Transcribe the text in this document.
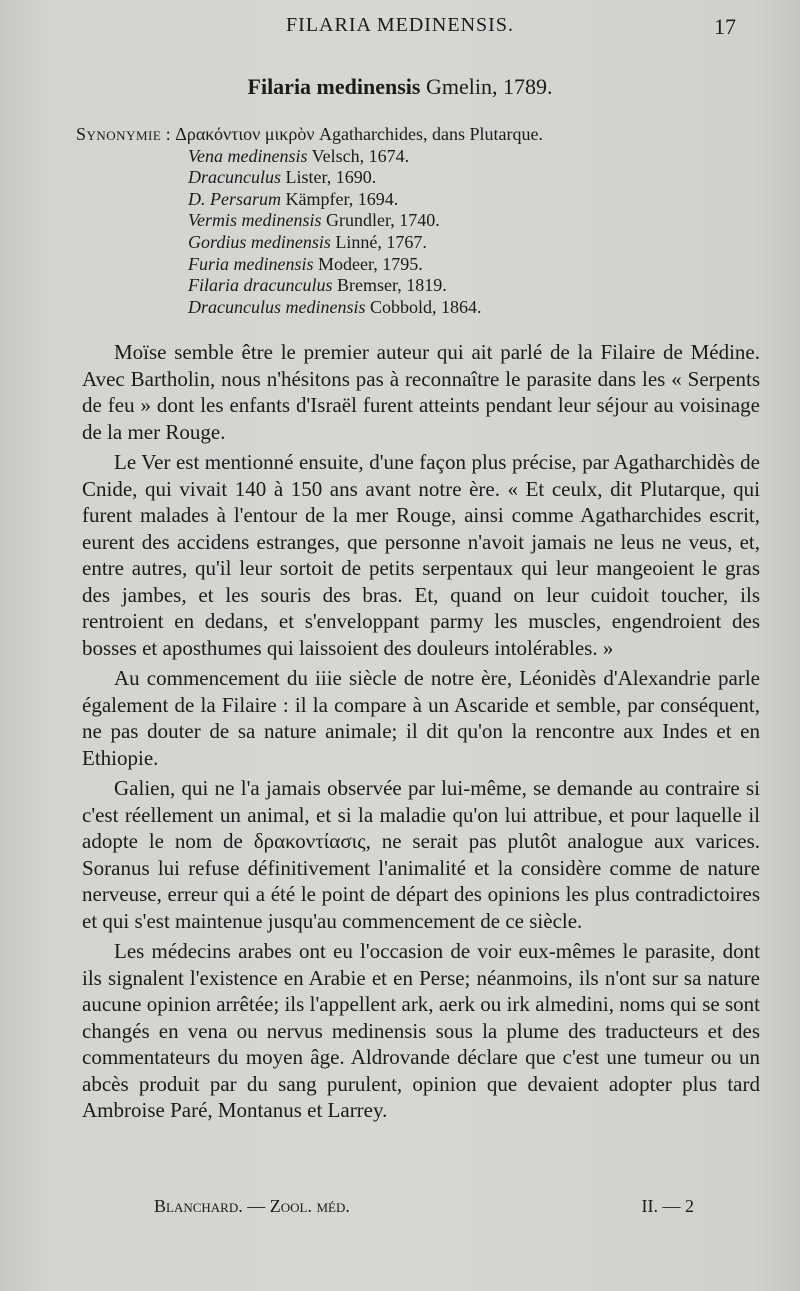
FILARIA MEDINENSIS.	17
Filaria medinensis Gmelin, 1789.
Synonymie : Δρακόντιον μικρὸν Agatharchides, dans Plutarque.
Vena medinensis Velsch, 1674.
Dracunculus Lister, 1690.
D. Persarum Kämpfer, 1694.
Vermis medinensis Grundler, 1740.
Gordius medinensis Linné, 1767.
Furia medinensis Modeer, 1795.
Filaria dracunculus Bremser, 1819.
Dracunculus medinensis Cobbold, 1864.

Moïse semble être le premier auteur qui ait parlé de la Filaire de Médine. Avec Bartholin, nous n'hésitons pas à reconnaître le parasite dans les « Serpents de feu » dont les enfants d'Israël furent atteints pendant leur séjour au voisinage de la mer Rouge.

Le Ver est mentionné ensuite, d'une façon plus précise, par Agatharchidès de Cnide, qui vivait 140 à 150 ans avant notre ère. « Et ceulx, dit Plutarque, qui furent malades à l'entour de la mer Rouge, ainsi comme Agatharchides escrit, eurent des accidens estranges, que personne n'avoit jamais ne leus ne veus, et, entre autres, qu'il leur sortoit de petits serpentaux qui leur mangeoient le gras des jambes, et les souris des bras. Et, quand on leur cuidoit toucher, ils rentroient en dedans, et s'enveloppant parmy les muscles, engendroient des bosses et aposthumes qui laissoient des douleurs intolérables. »

Au commencement du iiie siècle de notre ère, Léonidès d'Alexandrie parle également de la Filaire : il la compare à un Ascaride et semble, par conséquent, ne pas douter de sa nature animale; il dit qu'on la rencontre aux Indes et en Ethiopie.

Galien, qui ne l'a jamais observée par lui-même, se demande au contraire si c'est réellement un animal, et si la maladie qu'on lui attribue, et pour laquelle il adopte le nom de δρακοντίασις, ne serait pas plutôt analogue aux varices. Soranus lui refuse définitivement l'animalité et la considère comme de nature nerveuse, erreur qui a été le point de départ des opinions les plus contradictoires et qui s'est maintenue jusqu'au commencement de ce siècle.

Les médecins arabes ont eu l'occasion de voir eux-mêmes le parasite, dont ils signalent l'existence en Arabie et en Perse; néanmoins, ils n'ont sur sa nature aucune opinion arrêtée; ils l'appellent ark, aerk ou irk almedini, noms qui se sont changés en vena ou nervus medinensis sous la plume des traducteurs et des commentateurs du moyen âge. Aldrovande déclare que c'est une tumeur ou un abcès produit par du sang purulent, opinion que devaient adopter plus tard Ambroise Paré, Montanus et Larrey.

Blanchard. — Zool. méd.	II. — 2
